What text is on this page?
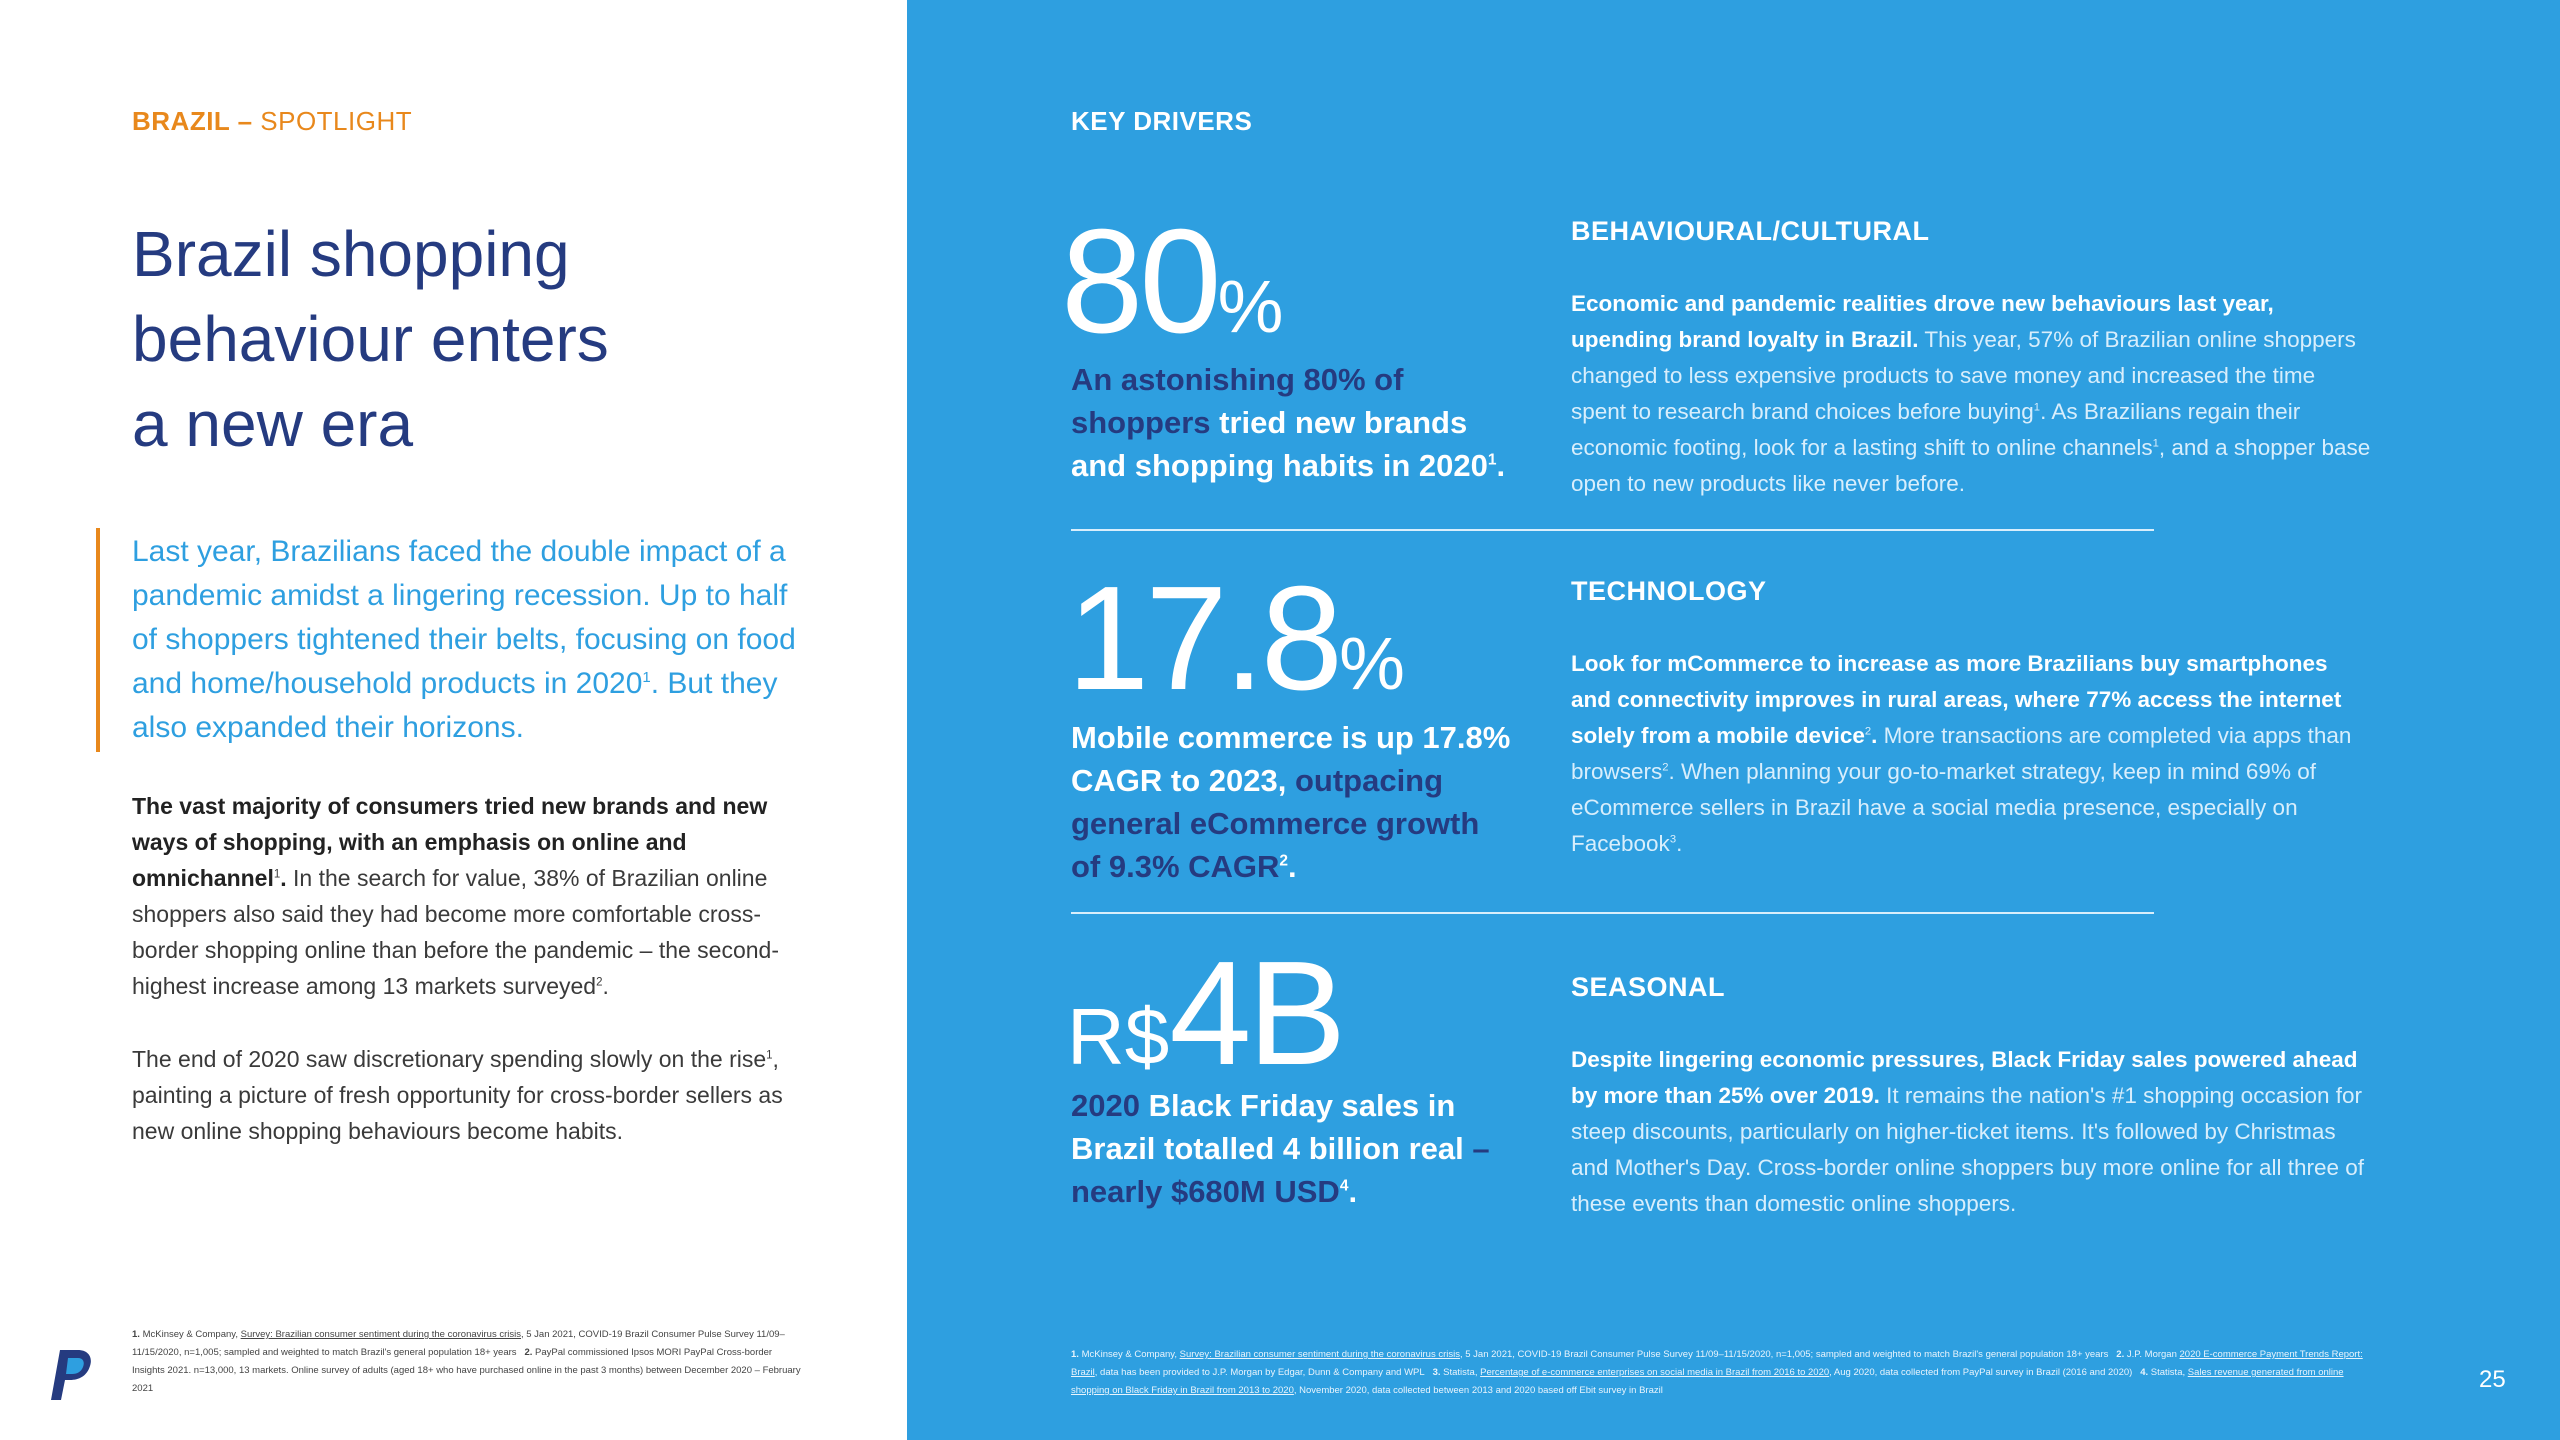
BRAZIL – SPOTLIGHT
Brazil shopping
behaviour enters
a new era
Last year, Brazilians faced the double impact of a pandemic amidst a lingering recession. Up to half of shoppers tightened their belts, focusing on food and home/household products in 2020$^1$. But they also expanded their horizons.
The vast majority of consumers tried new brands and new ways of shopping, with an emphasis on online and omnichannel$^1$. In the search for value, 38% of Brazilian online shoppers also said they had become more comfortable cross-border shopping online than before the pandemic – the second-highest increase among 13 markets surveyed$^2$.
The end of 2020 saw discretionary spending slowly on the rise$^1$, painting a picture of fresh opportunity for cross-border sellers as new online shopping behaviours become habits.
1. McKinsey & Company, Survey: Brazilian consumer sentiment during the coronavirus crisis, 5 Jan 2021, COVID-19 Brazil Consumer Pulse Survey 11/09–11/15/2020, n=1,005; sampled and weighted to match Brazil's general population 18+ years 2. PayPal commissioned Ipsos MORI PayPal Cross-border Insights 2021. n=13,000, 13 markets. Online survey of adults (aged 18+ who have purchased online in the past 3 months) between December 2020 – February 2021
KEY DRIVERS
80%
An astonishing 80% of shoppers tried new brands and shopping habits in 2020$^1$.
BEHAVIOURAL/CULTURAL
Economic and pandemic realities drove new behaviours last year, upending brand loyalty in Brazil. This year, 57% of Brazilian online shoppers changed to less expensive products to save money and increased the time spent to research brand choices before buying$^1$. As Brazilians regain their economic footing, look for a lasting shift to online channels$^1$, and a shopper base open to new products like never before.
17.8%
Mobile commerce is up 17.8% CAGR to 2023, outpacing general eCommerce growth of 9.3% CAGR$^2$.
TECHNOLOGY
Look for mCommerce to increase as more Brazilians buy smartphones and connectivity improves in rural areas, where 77% access the internet solely from a mobile device$^2$. More transactions are completed via apps than browsers$^2$. When planning your go-to-market strategy, keep in mind 69% of eCommerce sellers in Brazil have a social media presence, especially on Facebook$^3$.
R$4B
2020 Black Friday sales in Brazil totalled 4 billion real – nearly $680M USD$^4$.
SEASONAL
Despite lingering economic pressures, Black Friday sales powered ahead by more than 25% over 2019. It remains the nation's #1 shopping occasion for steep discounts, particularly on higher-ticket items. It's followed by Christmas and Mother's Day. Cross-border online shoppers buy more online for all three of these events than domestic online shoppers.
1. McKinsey & Company, Survey: Brazilian consumer sentiment during the coronavirus crisis, 5 Jan 2021, COVID-19 Brazil Consumer Pulse Survey 11/09–11/15/2020, n=1,005; sampled and weighted to match Brazil's general population 18+ years 2. J.P. Morgan 2020 E-commerce Payment Trends Report: Brazil, data has been provided to J.P. Morgan by Edgar, Dunn & Company and WPL 3. Statista, Percentage of e-commerce enterprises on social media in Brazil from 2016 to 2020, Aug 2020, data collected from PayPal survey in Brazil (2016 and 2020) 4. Statista, Sales revenue generated from online shopping on Black Friday in Brazil from 2013 to 2020, November 2020, data collected between 2013 and 2020 based off Ebit survey in Brazil	25
